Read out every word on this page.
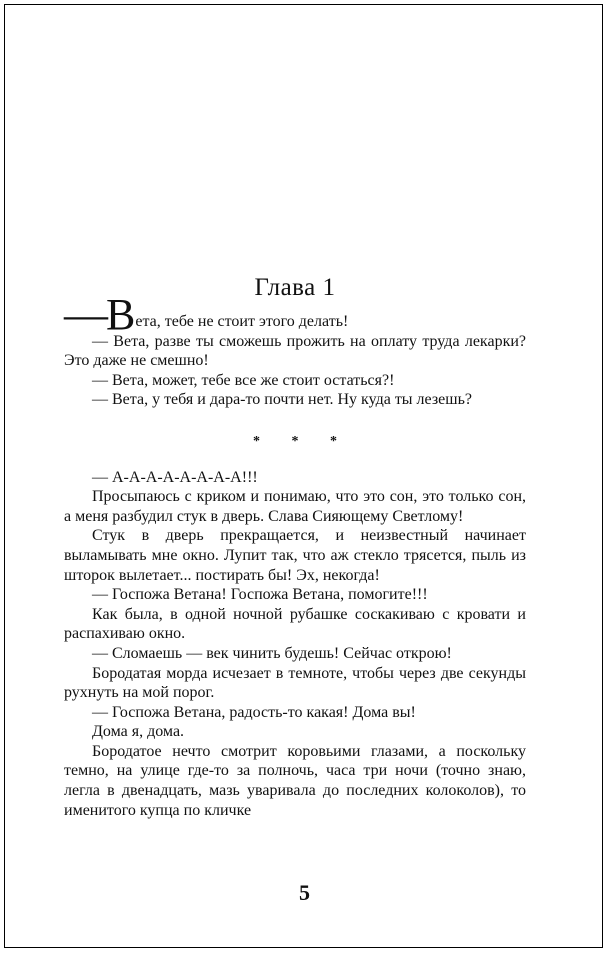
Глава 1

—Вета, тебе не стоит этого делать!

— Вета, разве ты сможешь прожить на оплату труда лекарки? Это даже не смешно!

— Вета, может, тебе все же стоит остаться?!

— Вета, у тебя и дара-то почти нет. Ну куда ты лезешь?

* * *

— А-А-А-А-А-А-А-А!!!

Просыпаюсь с криком и понимаю, что это сон, это только сон, а меня разбудил стук в дверь. Слава Сияющему Светлому!

Стук в дверь прекращается, и неизвестный начинает выламывать мне окно. Лупит так, что аж стекло трясется, пыль из шторок вылетает... постирать бы! Эх, некогда!

— Госпожа Ветана! Госпожа Ветана, помогите!!!

Как была, в одной ночной рубашке соскакиваю с кровати и распахиваю окно.

— Сломаешь — век чинить будешь! Сейчас открою!

Бородатая морда исчезает в темноте, чтобы через две секунды рухнуть на мой порог.

— Госпожа Ветана, радость-то какая! Дома вы!

Дома я, дома.

Бородатое нечто смотрит коровьими глазами, а поскольку темно, на улице где-то за полночь, часа три ночи (точно знаю, легла в двенадцать, мазь уваривала до последних колоколов), то именитого купца по кличке

5
